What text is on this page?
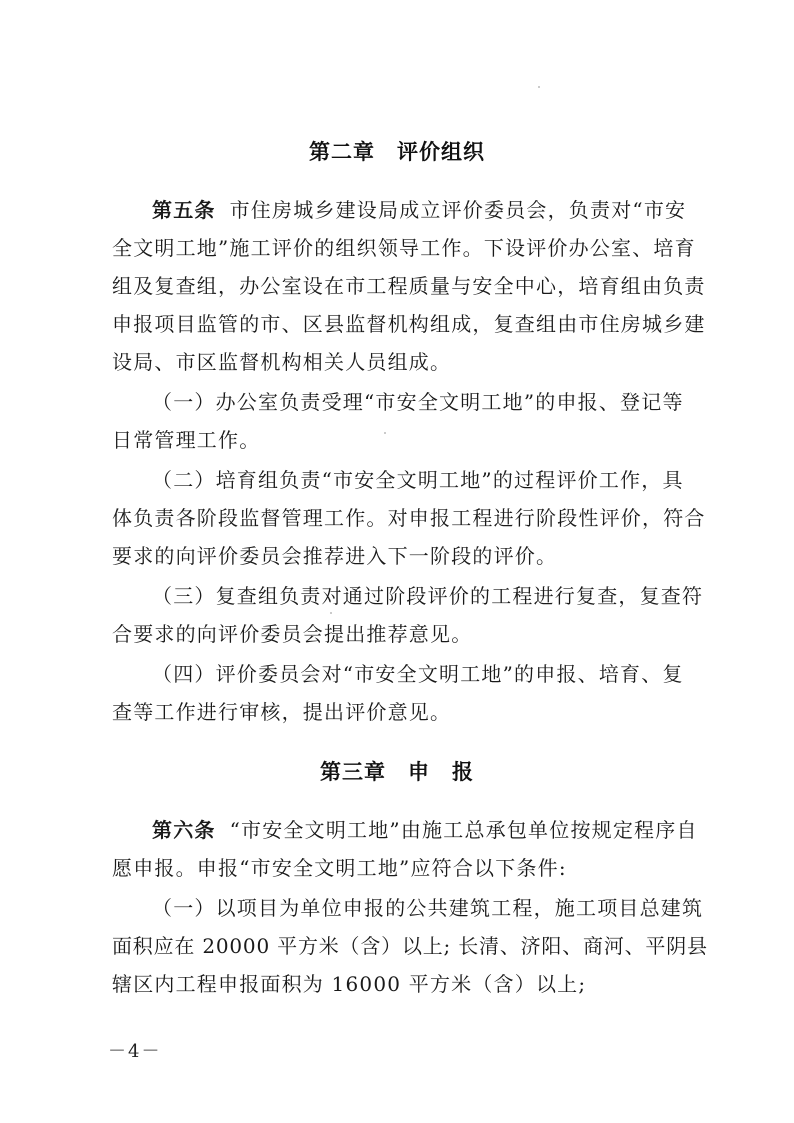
第二章 评价组织
第五条 市住房城乡建设局成立评价委员会，负责对“市安
全文明工地”施工评价的组织领导工作。下设评价办公室、培育
组及复查组，办公室设在市工程质量与安全中心，培育组由负责
申报项目监管的市、区县监督机构组成，复查组由市住房城乡建
设局、市区监督机构相关人员组成。
（一）办公室负责受理“市安全文明工地”的申报、登记等
日常管理工作。
（二）培育组负责“市安全文明工地”的过程评价工作，具
体负责各阶段监督管理工作。对申报工程进行阶段性评价，符合
要求的向评价委员会推荐进入下一阶段的评价。
（三）复查组负责对通过阶段评价的工程进行复查，复查符
合要求的向评价委员会提出推荐意见。
（四）评价委员会对“市安全文明工地”的申报、培育、复
查等工作进行审核，提出评价意见。
第三章 申　报
第六条 “市安全文明工地”由施工总承包单位按规定程序自
愿申报。申报“市安全文明工地”应符合以下条件:
（一）以项目为单位申报的公共建筑工程，施工项目总建筑
面积应在 20000 平方米（含）以上; 长清、济阳、商河、平阴县
辖区内工程申报面积为 16000 平方米（含）以上;
－4－
